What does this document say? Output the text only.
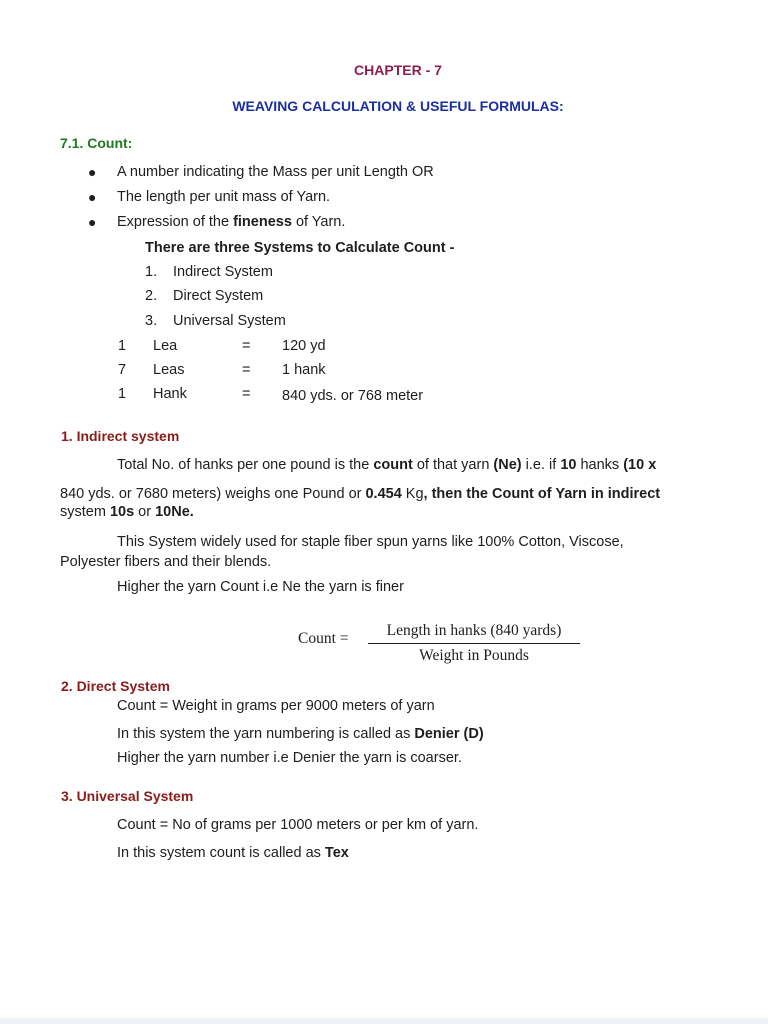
CHAPTER - 7
WEAVING CALCULATION & USEFUL FORMULAS:
7.1. Count:
● A number indicating the Mass per unit Length OR
● The length per unit mass of Yarn.
● Expression of the fineness of Yarn.
There are three Systems to Calculate Count -
1. Indirect System
2. Direct System
3. Universal System
1 Lea	= 120 yd
7 Leas	= 1 hank
1 Hank	= 840 yds. or 768 meter
1. Indirect system
Total No. of hanks per one pound is the count of that yarn (Ne) i.e. if 10 hanks (10 x
840 yds. or 7680 meters) weighs one Pound or 0.454 Kg, then the Count of Yarn in indirect
system 10s or 10Ne.
This System widely used for staple fiber spun yarns like 100% Cotton, Viscose,
Polyester fibers and their blends.
Higher the yarn Count i.e Ne the yarn is finer
Count =	Length in hanks (840 yards)
Weight in Pounds
2. Direct System
Count = Weight in grams per 9000 meters of yarn
In this system the yarn numbering is called as Denier (D)
Higher the yarn number i.e Denier the yarn is coarser.
3. Universal System
Count = No of grams per 1000 meters or per km of yarn.
In this system count is called as Tex
